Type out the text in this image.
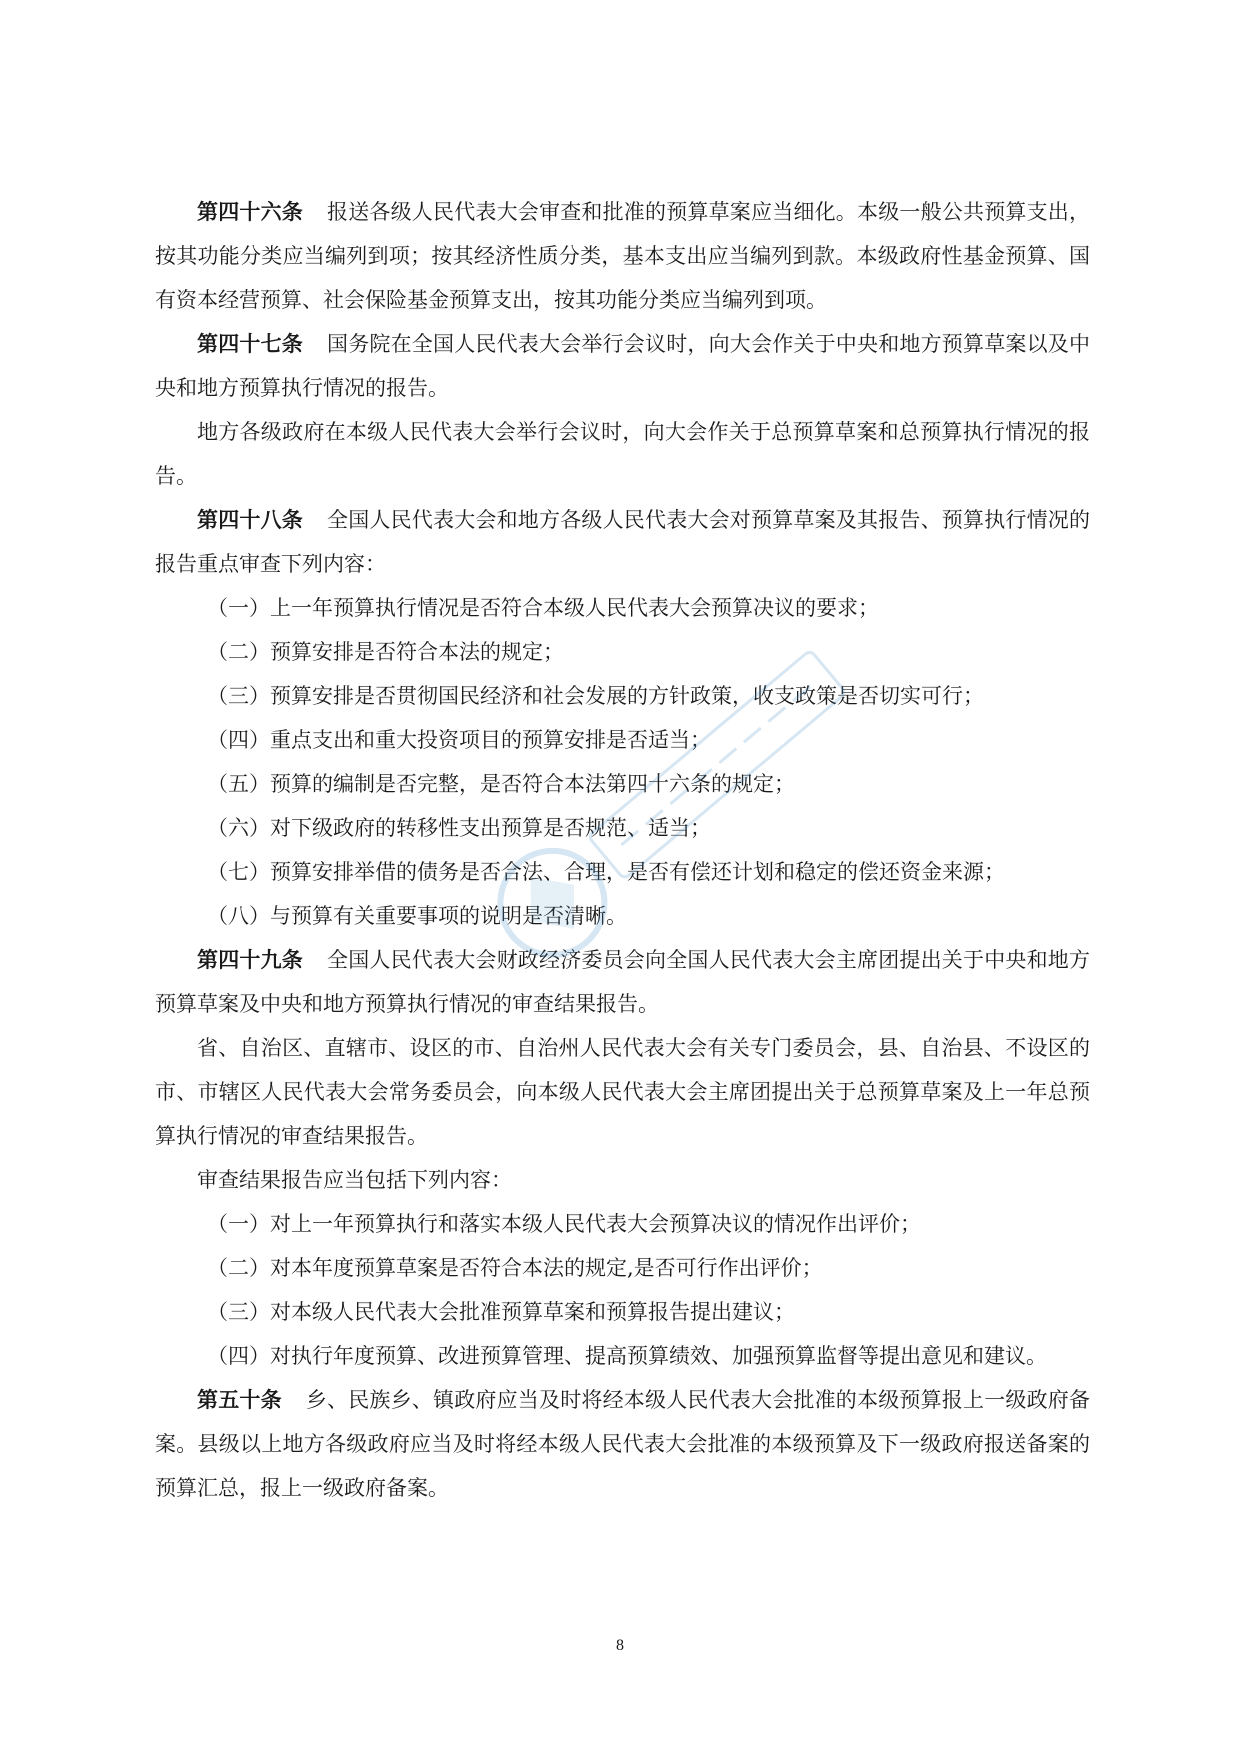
第四十六条 报送各级人民代表大会审查和批准的预算草案应当细化。本级一般公共预算支出，按其功能分类应当编列到项；按其经济性质分类，基本支出应当编列到款。本级政府性基金预算、国有资本经营预算、社会保险基金预算支出，按其功能分类应当编列到项。

第四十七条 国务院在全国人民代表大会举行会议时，向大会作关于中央和地方预算草案以及中央和地方预算执行情况的报告。

地方各级政府在本级人民代表大会举行会议时，向大会作关于总预算草案和总预算执行情况的报告。

第四十八条 全国人民代表大会和地方各级人民代表大会对预算草案及其报告、预算执行情况的报告重点审查下列内容：

（一）上一年预算执行情况是否符合本级人民代表大会预算决议的要求；

（二）预算安排是否符合本法的规定；

（三）预算安排是否贯彻国民经济和社会发展的方针政策，收支政策是否切实可行；

（四）重点支出和重大投资项目的预算安排是否适当；

（五）预算的编制是否完整，是否符合本法第四十六条的规定；

（六）对下级政府的转移性支出预算是否规范、适当；

（七）预算安排举借的债务是否合法、合理，是否有偿还计划和稳定的偿还资金来源；

（八）与预算有关重要事项的说明是否清晰。

第四十九条 全国人民代表大会财政经济委员会向全国人民代表大会主席团提出关于中央和地方预算草案及中央和地方预算执行情况的审查结果报告。

省、自治区、直辖市、设区的市、自治州人民代表大会有关专门委员会，县、自治县、不设区的市、市辖区人民代表大会常务委员会，向本级人民代表大会主席团提出关于总预算草案及上一年总预算执行情况的审查结果报告。

审查结果报告应当包括下列内容：

（一）对上一年预算执行和落实本级人民代表大会预算决议的情况作出评价；

（二）对本年度预算草案是否符合本法的规定,是否可行作出评价；

（三）对本级人民代表大会批准预算草案和预算报告提出建议；

（四）对执行年度预算、改进预算管理、提高预算绩效、加强预算监督等提出意见和建议。

第五十条 乡、民族乡、镇政府应当及时将经本级人民代表大会批准的本级预算报上一级政府备案。县级以上地方各级政府应当及时将经本级人民代表大会批准的本级预算及下一级政府报送备案的预算汇总，报上一级政府备案。

8
